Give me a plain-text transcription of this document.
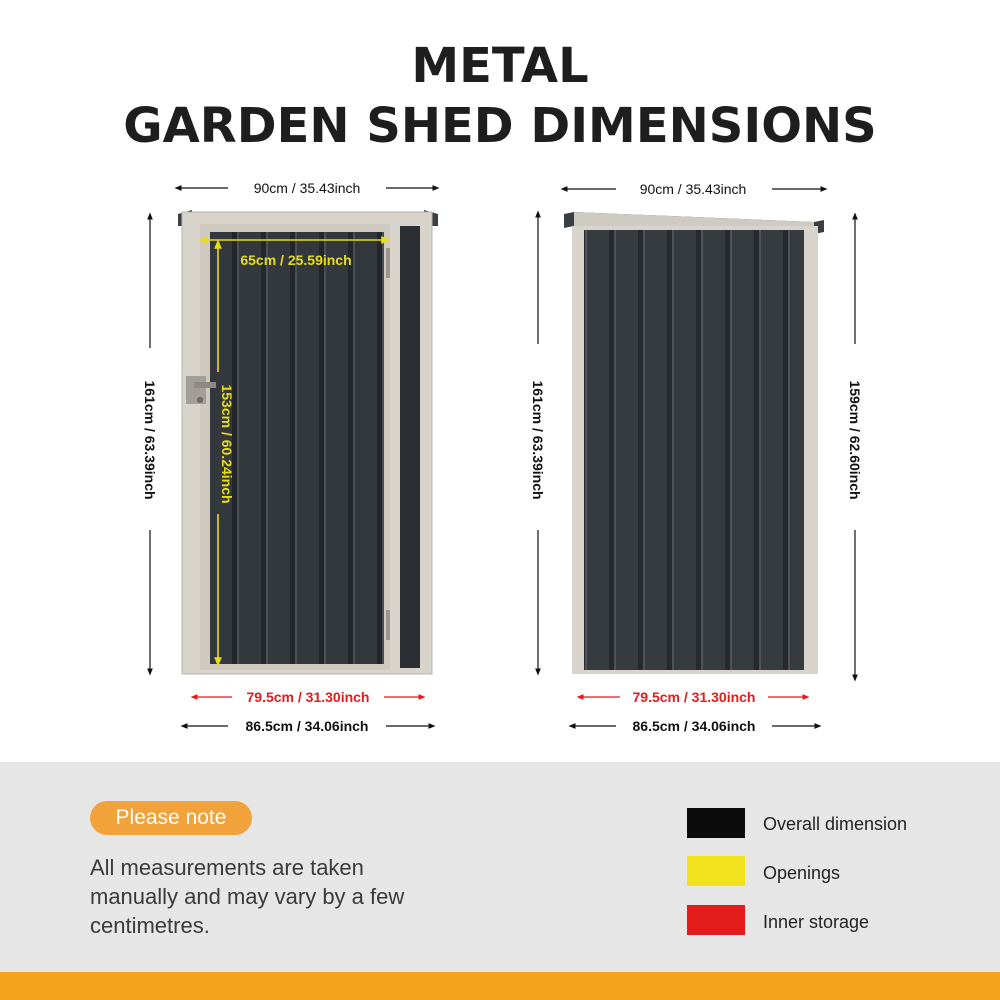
METAL
GARDEN SHED DIMENSIONS
90cm / 35.43inch
161cm / 63.39inch
65cm / 25.59inch
153cm / 60.24inch
79.5cm / 31.30inch
86.5cm / 34.06inch
90cm / 35.43inch
161cm / 63.39inch	159cm / 62.60inch
79.5cm / 31.30inch
86.5cm / 34.06inch
Please note
All measurements are taken manually and may vary by a few centimetres.
Overall dimension
Openings
Inner storage
